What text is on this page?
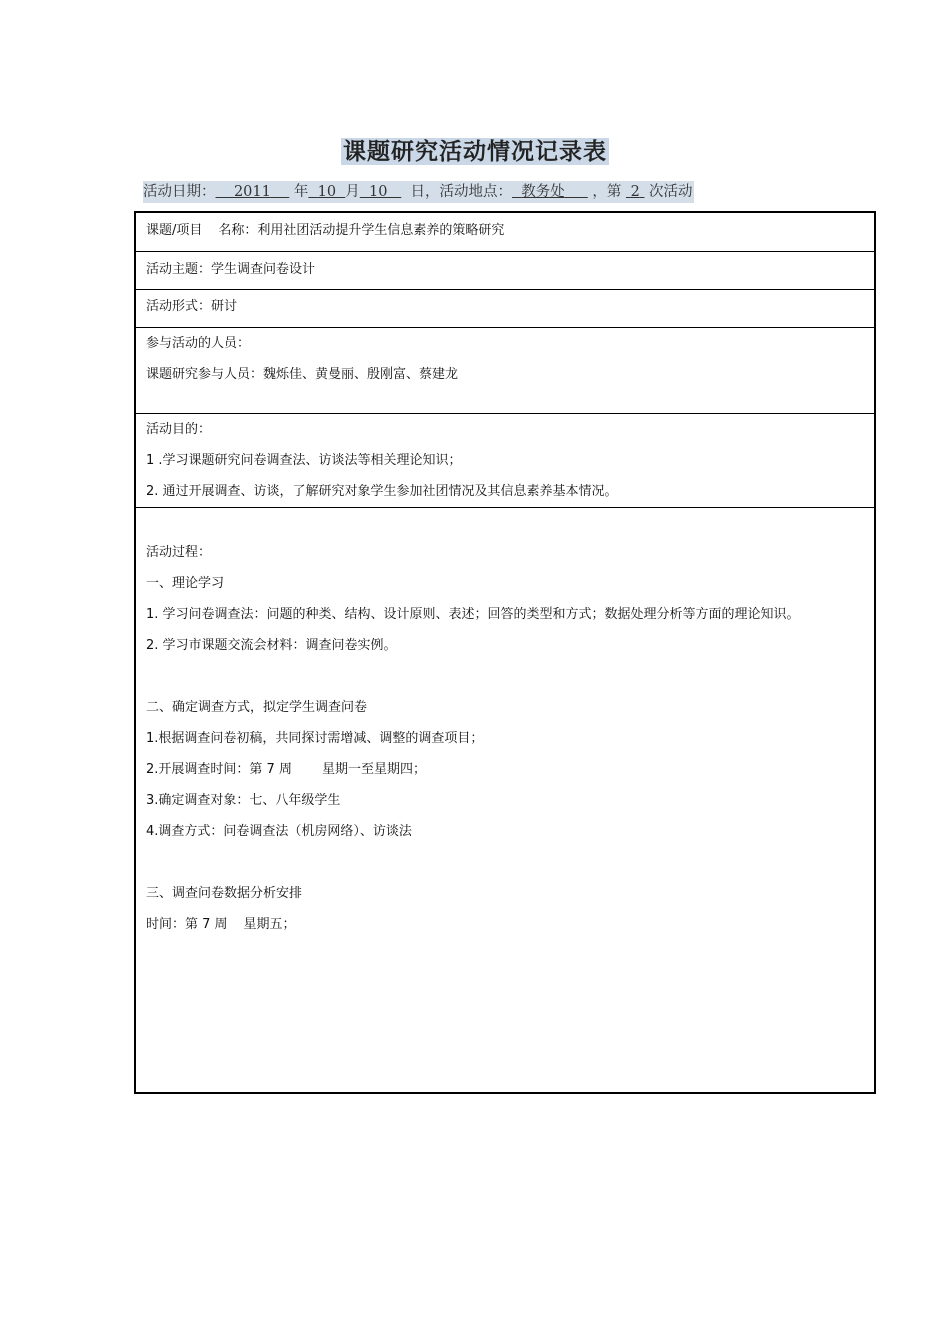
课题研究活动情况记录表
活动日期： 2011 年 10 月 10 日，活动地点： 教务处 ，第 2 次活动
课题/项目 名称：利用社团活动提升学生信息素养的策略研究
活动主题：学生调查问卷设计
活动形式：研讨
参与活动的人员：
课题研究参与人员：魏烁佳、黄曼丽、殷刚富、蔡建龙
活动目的：
1 .学习课题研究问卷调查法、访谈法等相关理论知识；
2. 通过开展调查、访谈，了解研究对象学生参加社团情况及其信息素养基本情况。
活动过程：
一、理论学习
1. 学习问卷调查法：问题的种类、结构、设计原则、表述；回答的类型和方式；数据处理分析等方面的理论知识。
2. 学习市课题交流会材料：调查问卷实例。
二、确定调查方式，拟定学生调查问卷
1.根据调查问卷初稿，共同探讨需增减、调整的调查项目；
2.开展调查时间：第 7 周 星期一至星期四；
3.确定调查对象：七、八年级学生
4.调查方式：问卷调查法（机房网络）、访谈法
三、调查问卷数据分析安排
时间：第 7 周 星期五；
